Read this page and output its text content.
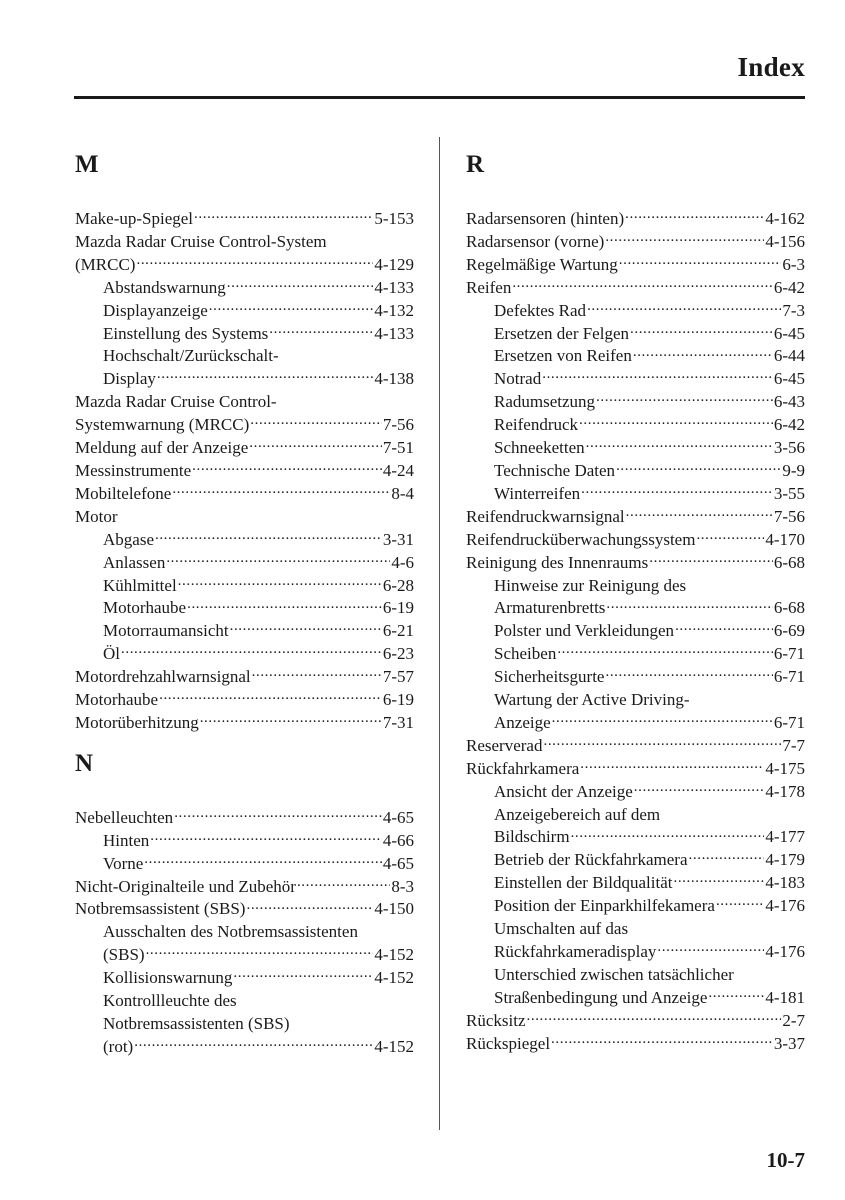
Index
M
Make-up-Spiegel .....	5-153
Mazda Radar Cruise Control-System
(MRCC) .....	4-129
Abstandswarnung .....	4-133
Displayanzeige .....	4-132
Einstellung des Systems .....	4-133
Hochschalt/Zurückschalt-
Display .....	4-138
Mazda Radar Cruise Control-
Systemwarnung (MRCC) .....	7-56
Meldung auf der Anzeige .....	7-51
Messinstrumente .....	4-24
Mobiltelefone .....	8-4
Motor
Abgase .....	3-31
Anlassen .....	4-6
Kühlmittel .....	6-28
Motorhaube .....	6-19
Motorraumansicht .....	6-21
Öl .....	6-23
Motordrehzahlwarnsignal .....	7-57
Motorhaube .....	6-19
Motorüberhitzung .....	7-31
N
Nebelleuchten .....	4-65
Hinten .....	4-66
Vorne .....	4-65
Nicht-Originalteile und Zubehör .....	8-3
Notbremsassistent (SBS) .....	4-150
Ausschalten des Notbremsassistenten
(SBS) .....	4-152
Kollisionswarnung .....	4-152
Kontrollleuchte des
Notbremsassistenten (SBS)
(rot) .....	4-152
R
Radarsensoren (hinten) .....	4-162
Radarsensor (vorne) .....	4-156
Regelmäßige Wartung .....	6-3
Reifen .....	6-42
Defektes Rad .....	7-3
Ersetzen der Felgen .....	6-45
Ersetzen von Reifen .....	6-44
Notrad .....	6-45
Radumsetzung .....	6-43
Reifendruck .....	6-42
Schneeketten .....	3-56
Technische Daten .....	9-9
Winterreifen .....	3-55
Reifendruckwarnsignal .....	7-56
Reifendrucküberwachungssystem .....	4-170
Reinigung des Innenraums .....	6-68
Hinweise zur Reinigung des
Armaturenbretts .....	6-68
Polster und Verkleidungen .....	6-69
Scheiben .....	6-71
Sicherheitsgurte .....	6-71
Wartung der Active Driving-
Anzeige .....	6-71
Reserverad .....	7-7
Rückfahrkamera .....	4-175
Ansicht der Anzeige .....	4-178
Anzeigebereich auf dem
Bildschirm .....	4-177
Betrieb der Rückfahrkamera .....	4-179
Einstellen der Bildqualität .....	4-183
Position der Einparkhilfekamera .....	4-176
Umschalten auf das
Rückfahrkameradisplay .....	4-176
Unterschied zwischen tatsächlicher
Straßenbedingung und Anzeige .....	4-181
Rücksitz .....	2-7
Rückspiegel .....	3-37
10-7
